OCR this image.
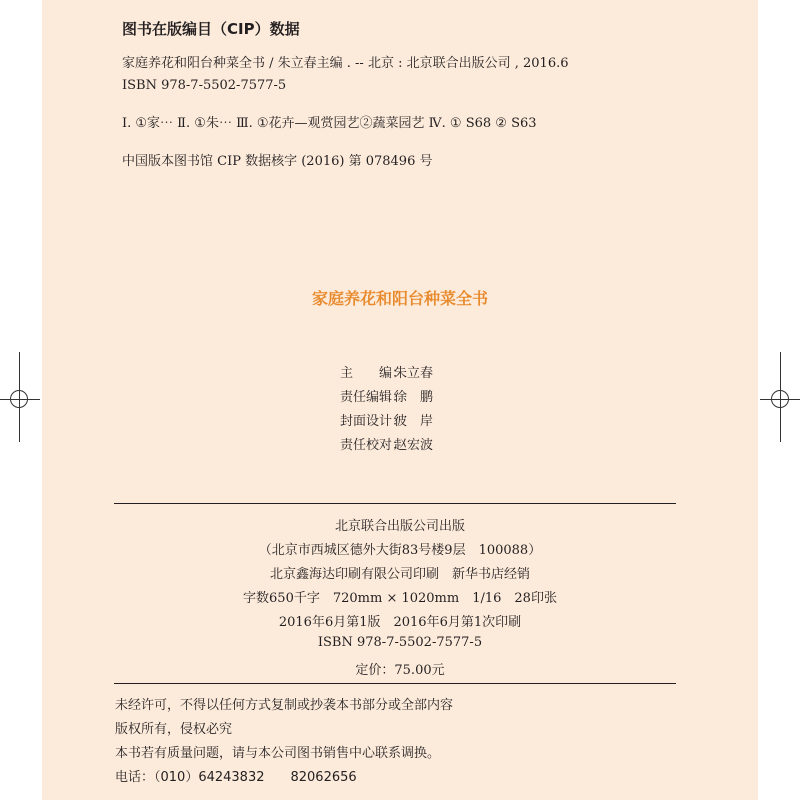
图书在版编目（CIP）数据
家庭养花和阳台种菜全书 / 朱立春主编 . -- 北京 : 北京联合出版公司 , 2016.6
ISBN 978-7-5502-7577-5
Ⅰ. ①家⋯ Ⅱ. ①朱⋯ Ⅲ. ①花卉—观赏园艺②蔬菜园艺 Ⅳ. ① S68 ② S63
中国版本图书馆 CIP 数据核字 (2016) 第 078496 号
家庭养花和阳台种菜全书
主　　编：
朱立春
责任编辑：
徐　鹏
封面设计：
彼　岸
责任校对：
赵宏波
北京联合出版公司出版
（北京市西城区德外大街83号楼9层　100088）
北京鑫海达印刷有限公司印刷　新华书店经销
字数650千字　720mm × 1020mm　1/16　28印张
2016年6月第1版　2016年6月第1次印刷
ISBN 978-7-5502-7577-5
定价：75.00元
未经许可，不得以任何方式复制或抄袭本书部分或全部内容
版权所有，侵权必究
本书若有质量问题，请与本公司图书销售中心联系调换。
电话：（010）64243832　　82062656
